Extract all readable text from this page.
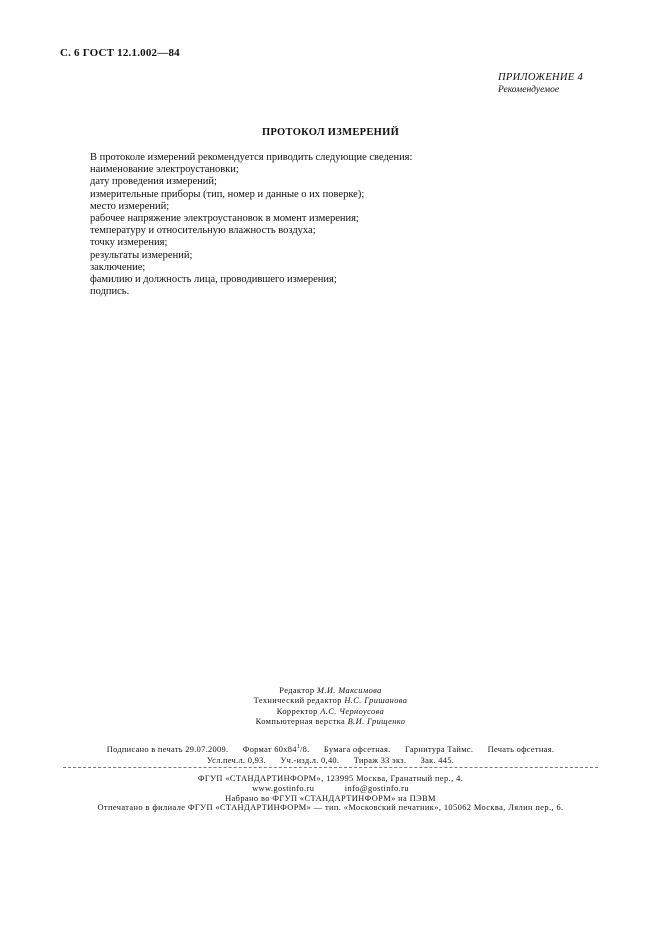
С. 6 ГОСТ 12.1.002—84
ПРИЛОЖЕНИЕ 4
Рекомендуемое
ПРОТОКОЛ ИЗМЕРЕНИЙ
В протоколе измерений рекомендуется приводить следующие сведения:
наименование электроустановки;
дату проведения измерений;
измерительные приборы (тип, номер и данные о их поверке);
место измерений;
рабочее напряжение электроустановок в момент измерения;
температуру и относительную влажность воздуха;
точку измерения;
результаты измерений;
заключение;
фамилию и должность лица, проводившего измерения;
подпись.
Редактор М.И. Максимова
Технический редактор Н.С. Гришанова
Корректор А.С. Черноусова
Компьютерная верстка В.И. Грищенко
Подписано в печать 29.07.2009. Формат $60x84^1/8$. Бумага офсетная. Гарнитура Таймс. Печать офсетная.
Усл.печ.л. 0,93. Уч.-изд.л. 0,40. Тираж 33 экз. Зак. 445.
ФГУП «СТАНДАРТИНФОРМ», 123995 Москва, Гранатный пер., 4.
www.gostinfo.ru	info@gostinfo.ru
Набрано во ФГУП «СТАНДАРТИНФОРМ» на ПЭВМ
Отпечатано в филиале ФГУП «СТАНДАРТИНФОРМ» — тип. «Московский печатник», 105062 Москва, Лялин пер., 6.
